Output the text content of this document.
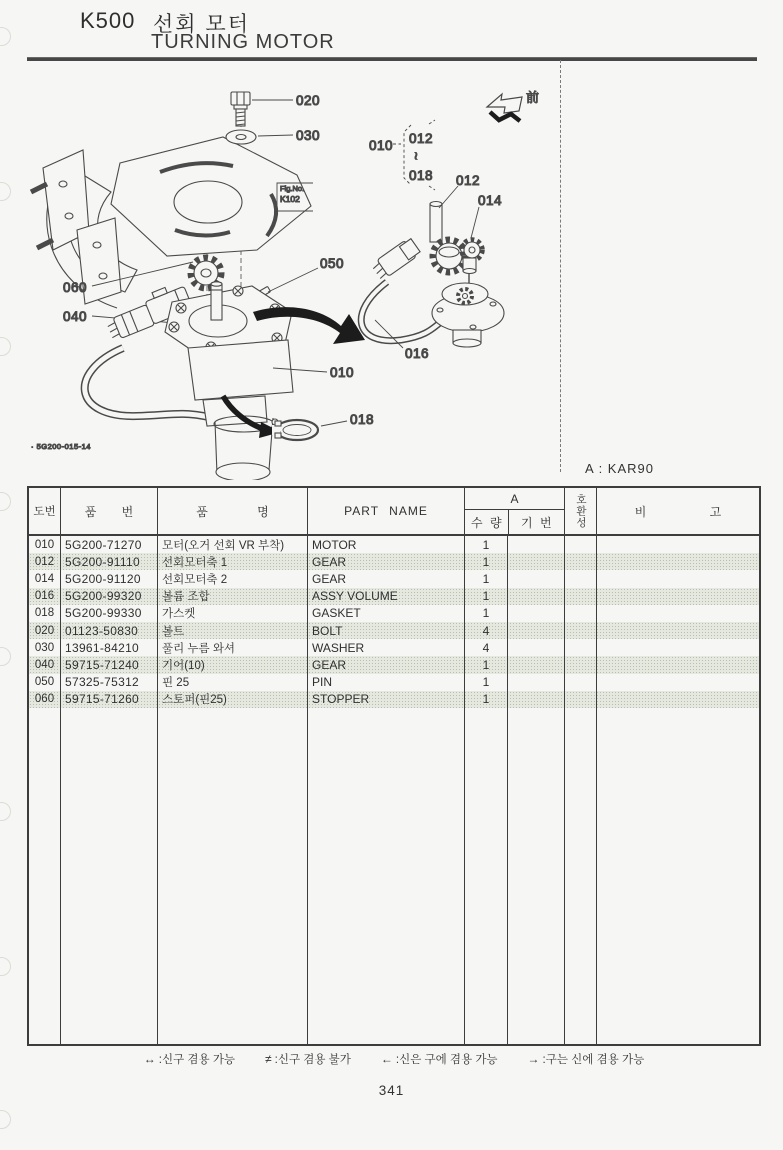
K500 선회 모터
TURNING MOTOR
Fig.No.
K102
020
030
060
040
050
010
018
前
010 012
~
018 012
014
016
· 5G200-015-14
A : KAR90
도번	품 번	품 명	PART NAME
A
수 량	기 번	호환성	비 고
010 5G200-71270	모터(오거 선회 VR 부착)	MOTOR	1
012 5G200-91110	선회모터축 1	GEAR	1
014 5G200-91120	선회모터축 2	GEAR	1
016 5G200-99320	볼륨 조합	ASSY VOLUME	1
018 5G200-99330	가스켓	GASKET	1
020 01123-50830	볼트	BOLT	4
030 13961-84210	풀리 누름 와셔	WASHER	4
040 59715-71240	기어(10)	GEAR	1
050 57325-75312	핀 25	PIN	1
060 59715-71260	스토퍼(핀25)	STOPPER	1
↔ :신구 겸용 가능	≠ :신구 겸용 불가	← :신은 구에 겸용 가능	→ :구는 신에 겸용 가능
341
